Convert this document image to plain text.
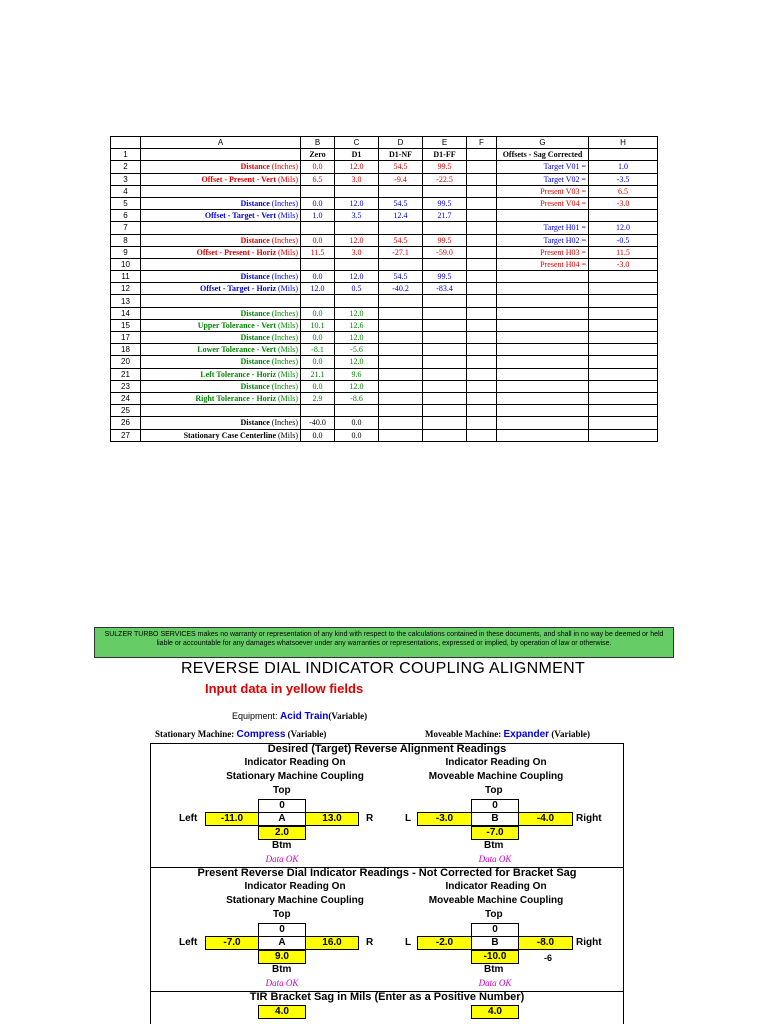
	A	B	C	D	E	F	G	H
1		Zero	D1	D1-NF	D1-FF		Offsets - Sag Corrected	
2	Distance (Inches)	0.0	12.0	54.5	99.5		Target V01 =	1.0
3	Offset - Present - Vert (Mils)	6.5	3.0	-9.4	-22.5		Target V02 =	-3.5
4							Present V03 =	6.5
5	Distance (Inches)	0.0	12.0	54.5	99.5		Present V04 =	-3.0
6	Offset - Target - Vert (Mils)	1.0	3.5	12.4	21.7			
7							Target H01 =	12.0
8	Distance (Inches)	0.0	12.0	54.5	99.5		Target H02 =	-0.5
9	Offset - Present - Horiz (Mils)	11.5	3.0	-27.1	-59.0		Present H03 =	11.5
10							Present H04 =	-3.0
11	Distance (Inches)	0.0	12.0	54.5	99.5			
12	Offset - Target - Horiz (Mils)	12.0	0.5	-40.2	-83.4			
13								
14	Distance (Inches)	0.0	12.0					
15	Upper Tolerance - Vert (Mils)	10.1	12.6					
17	Distance (Inches)	0.0	12.0					
18	Lower Tolerance - Vert (Mils)	-8.1	-5.6					
20	Distance (Inches)	0.0	12.0					
21	Left Tolerance - Horiz (Mils)	21.1	9.6					
23	Distance (Inches)	0.0	12.0					
24	Right Tolerance - Horiz (Mils)	2.9	-8.6					
25								
26	Distance (Inches)	-40.0	0.0					
27	Stationary Case Centerline (Mils)	0.0	0.0					
SULZER TURBO SERVICES makes no warranty or representation of any kind with respect to the calculations contained in these documents, and shall in no way be deemed or held liable or accountable for any damages whatsoever under any warranties or representations, expressed or implied, by operation of law or otherwise.
REVERSE DIAL INDICATOR COUPLING ALIGNMENT
Input data in yellow fields
Equipment: Acid Train(Variable)
Stationary Machine: Compress (Variable)	Moveable Machine: Expander (Variable)
Desired (Target) Reverse Alignment Readings
Indicator Reading On
Stationary Machine Coupling
Indicator Reading On
Moveable Machine Coupling
Top
0
Left	-11.0	A	13.0	R
2.0
Btm
Data OK
Top
0
L	-3.0	B	-4.0	Right
-7.0
Btm
Data OK
Present Reverse Dial Indicator Readings - Not Corrected for Bracket Sag
Indicator Reading On
Stationary Machine Coupling
Indicator Reading On
Moveable Machine Coupling
Top
0
Left	-7.0	A	16.0	R
9.0
Btm
Data OK
Top
0
L	-2.0	B	-8.0	Right
-10.0	-6
Btm
Data OK
TIR Bracket Sag in Mils (Enter as a Positive Number)
4.0	4.0
